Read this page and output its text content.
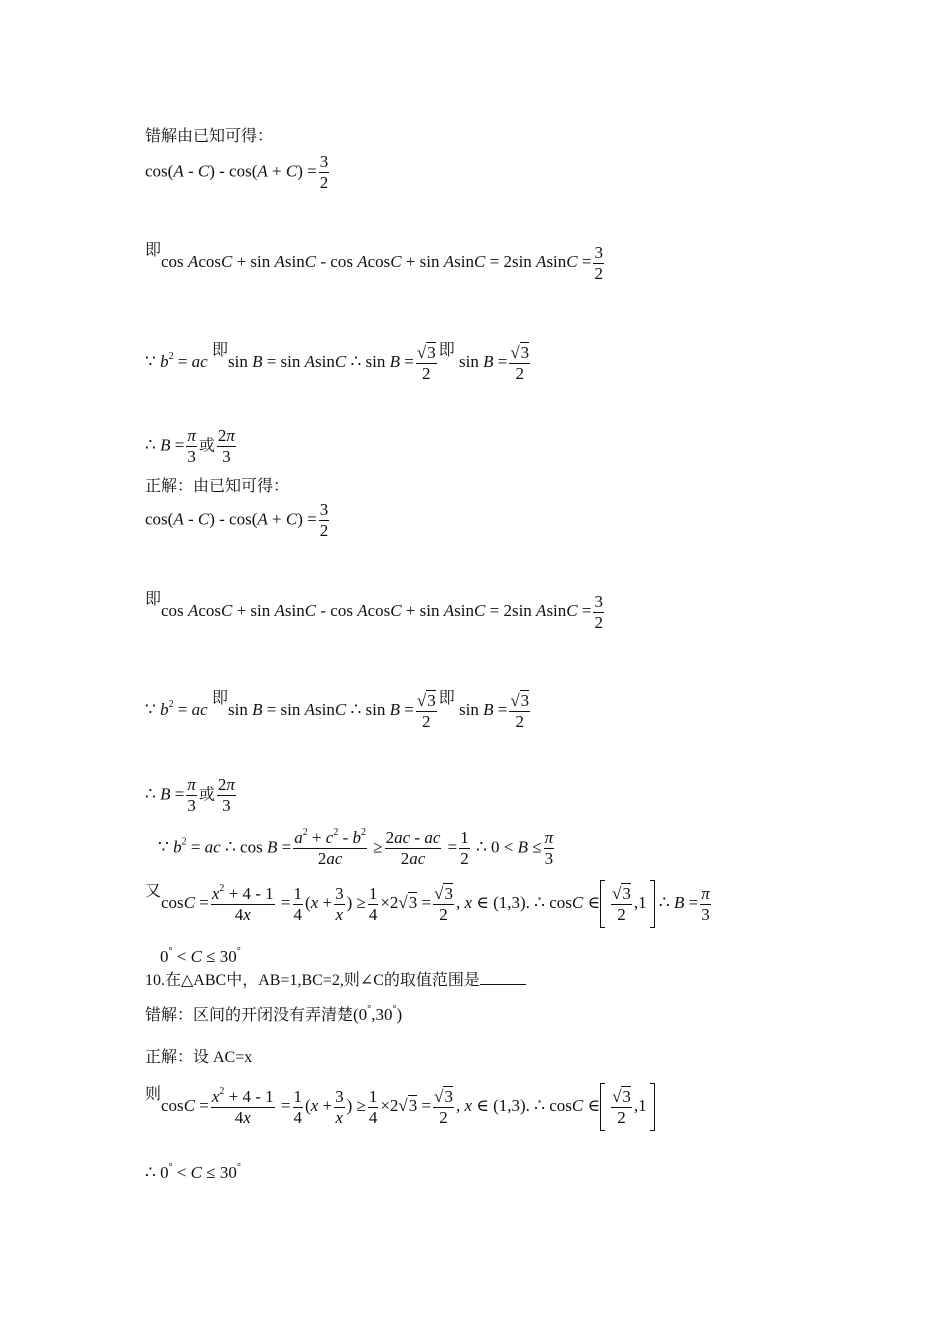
错解由已知可得：
$\cos(A - C) - \cos(A + C) = \frac{3}{2}$
即cos AcosC + sin AsinC - cos AcosC + sin AsinC = 2sin $AsinC = \frac{3}{2}$
∵ $b^2$ = ac 即sin B = sin AsinC ∴ $\sin B = \frac{√3}{2}$ 即 $\sin B = \frac{√3}{2}$
∴ $B = \frac{\pi}{3}$ 或 $\frac{2\pi}{3}$
正解：由已知可得：
$\cos(A - C) - \cos(A + C) = \frac{3}{2}$
即cos AcosC + sin AsinC - cos AcosC + sin AsinC = 2sin $AsinC = \frac{3}{2}$
∵ $b^2$ = ac 即sin B = sin AsinC ∴ $\sin B = \frac{√3}{2}$ 即 $\sin B = \frac{√3}{2}$
∴ $B = \frac{\pi}{3}$ 或 $\frac{2\pi}{3}$
∵ $b^2$ = ac ∴ $\cos B = \frac{a^2 + c^2 - b^2}{2ac} \ge \frac{2ac - ac}{2ac} = \frac{1}{2}$ ∴ $0 < B \le \frac{\pi}{3}$
又$\cos C = \frac{x^2 + 4 - 1}{4x} = \frac{1}{4} (x + \frac{3}{x}$ ) ≥ $\frac{1}{4} \times 2√3 = \frac{√3}{2}$ , x ∈ (1,3). ∴ cosC ∈ $\frac{√3}{2} ,1$ ∴ $B = \frac{\pi}{3}$
0° < C ≤ 30°
10.在△ABC中，AB=1,BC=2,则∠C的取值范围是
错解：区间的开闭没有弄清楚(0°,30°)
正解：设 AC=x
则$\cos C = \frac{x^2 + 4 - 1}{4x} = \frac{1}{4} (x + \frac{3}{x}$ ) ≥ $\frac{1}{4} \times 2√3 = \frac{√3}{2}$ , x ∈ (1,3). ∴ cosC ∈ $\frac{√3}{2} ,1$
∴ 0° < C ≤ 30°
